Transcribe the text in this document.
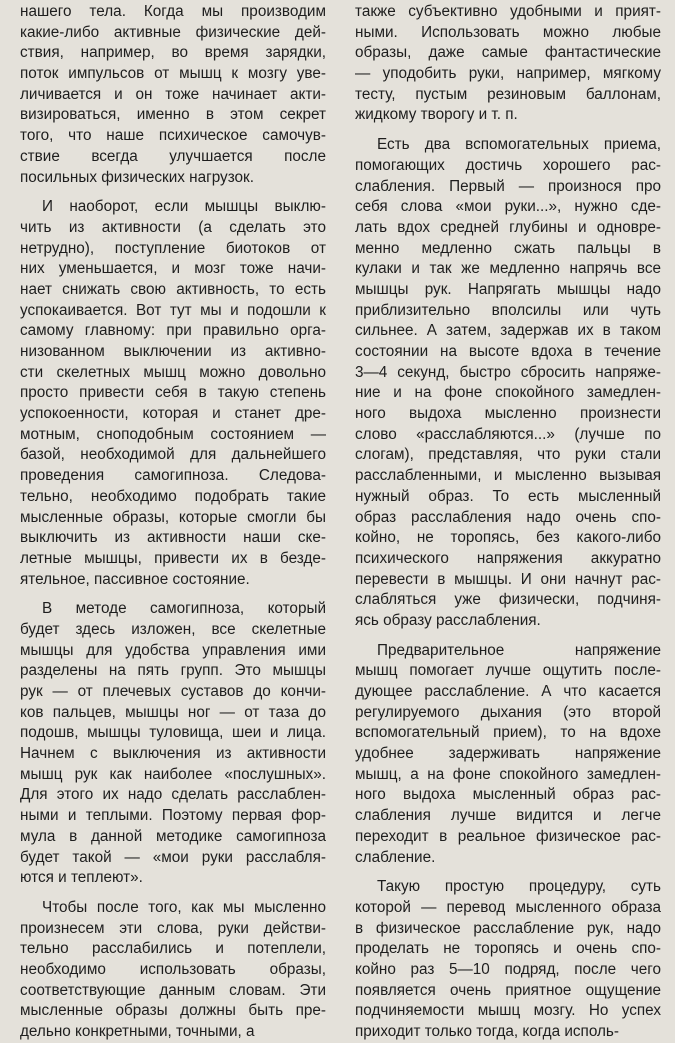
нашего тела. Когда мы производим
какие-либо активные физические дей-
ствия, например, во время зарядки,
поток импульсов от мышц к мозгу уве-
личивается и он тоже начинает акти-
визироваться, именно в этом секрет
того, что наше психическое самочув-
ствие всегда улучшается после
посильных физических нагрузок.
И наоборот, если мышцы выклю-
чить из активности (а сделать это
нетрудно), поступление биотоков от
них уменьшается, и мозг тоже начи-
нает снижать свою активность, то есть
успокаивается. Вот тут мы и подошли к
самому главному: при правильно орга-
низованном выключении из активно-
сти скелетных мышц можно довольно
просто привести себя в такую степень
успокоенности, которая и станет дре-
мотным, сноподобным состоянием —
базой, необходимой для дальнейшего
проведения самогипноза. Следова-
тельно, необходимо подобрать такие
мысленные образы, которые смогли бы
выключить из активности наши ске-
летные мышцы, привести их в безде-
ятельное, пассивное состояние.
В методе самогипноза, который
будет здесь изложен, все скелетные
мышцы для удобства управления ими
разделены на пять групп. Это мышцы
рук — от плечевых суставов до кончи-
ков пальцев, мышцы ног — от таза до
подошв, мышцы туловища, шеи и лица.
Начнем с выключения из активности
мышц рук как наиболее «послушных».
Для этого их надо сделать расслаблен-
ными и теплыми. Поэтому первая фор-
мула в данной методике самогипноза
будет такой — «мои руки расслабля-
ются и теплеют».
Чтобы после того, как мы мысленно
произнесем эти слова, руки действи-
тельно расслабились и потеплели,
необходимо использовать образы,
соответствующие данным словам. Эти
мысленные образы должны быть пре-
дельно конкретными, точными, а
также субъективно удобными и прият-
ными. Использовать можно любые
образы, даже самые фантастические
— уподобить руки, например, мягкому
тесту, пустым резиновым баллонам,
жидкому творогу и т. п.
Есть два вспомогательных приема,
помогающих достичь хорошего рас-
слабления. Первый — произнося про
себя слова «мои руки...», нужно сде-
лать вдох средней глубины и одновре-
менно медленно сжать пальцы в
кулаки и так же медленно напрячь все
мышцы рук. Напрягать мышцы надо
приблизительно вполсилы или чуть
сильнее. А затем, задержав их в таком
состоянии на высоте вдоха в течение
3—4 секунд, быстро сбросить напряже-
ние и на фоне спокойного замедлен-
ного выдоха мысленно произнести
слово «расслабляются...» (лучше по
слогам), представляя, что руки стали
расслабленными, и мысленно вызывая
нужный образ. То есть мысленный
образ расслабления надо очень спо-
койно, не торопясь, без какого-либо
психического напряжения аккуратно
перевести в мышцы. И они начнут рас-
слабляться уже физически, подчиня-
ясь образу расслабления.
Предварительное напряжение
мышц помогает лучше ощутить после-
дующее расслабление. А что касается
регулируемого дыхания (это второй
вспомогательный прием), то на вдохе
удобнее задерживать напряжение
мышц, а на фоне спокойного замедлен-
ного выдоха мысленный образ рас-
слабления лучше видится и легче
переходит в реальное физическое рас-
слабление.
Такую простую процедуру, суть
которой — перевод мысленного образа
в физическое расслабление рук, надо
проделать не торопясь и очень спо-
койно раз 5—10 подряд, после чего
появляется очень приятное ощущение
подчиняемости мышц мозгу. Но успех
приходит только тогда, когда исполь-
